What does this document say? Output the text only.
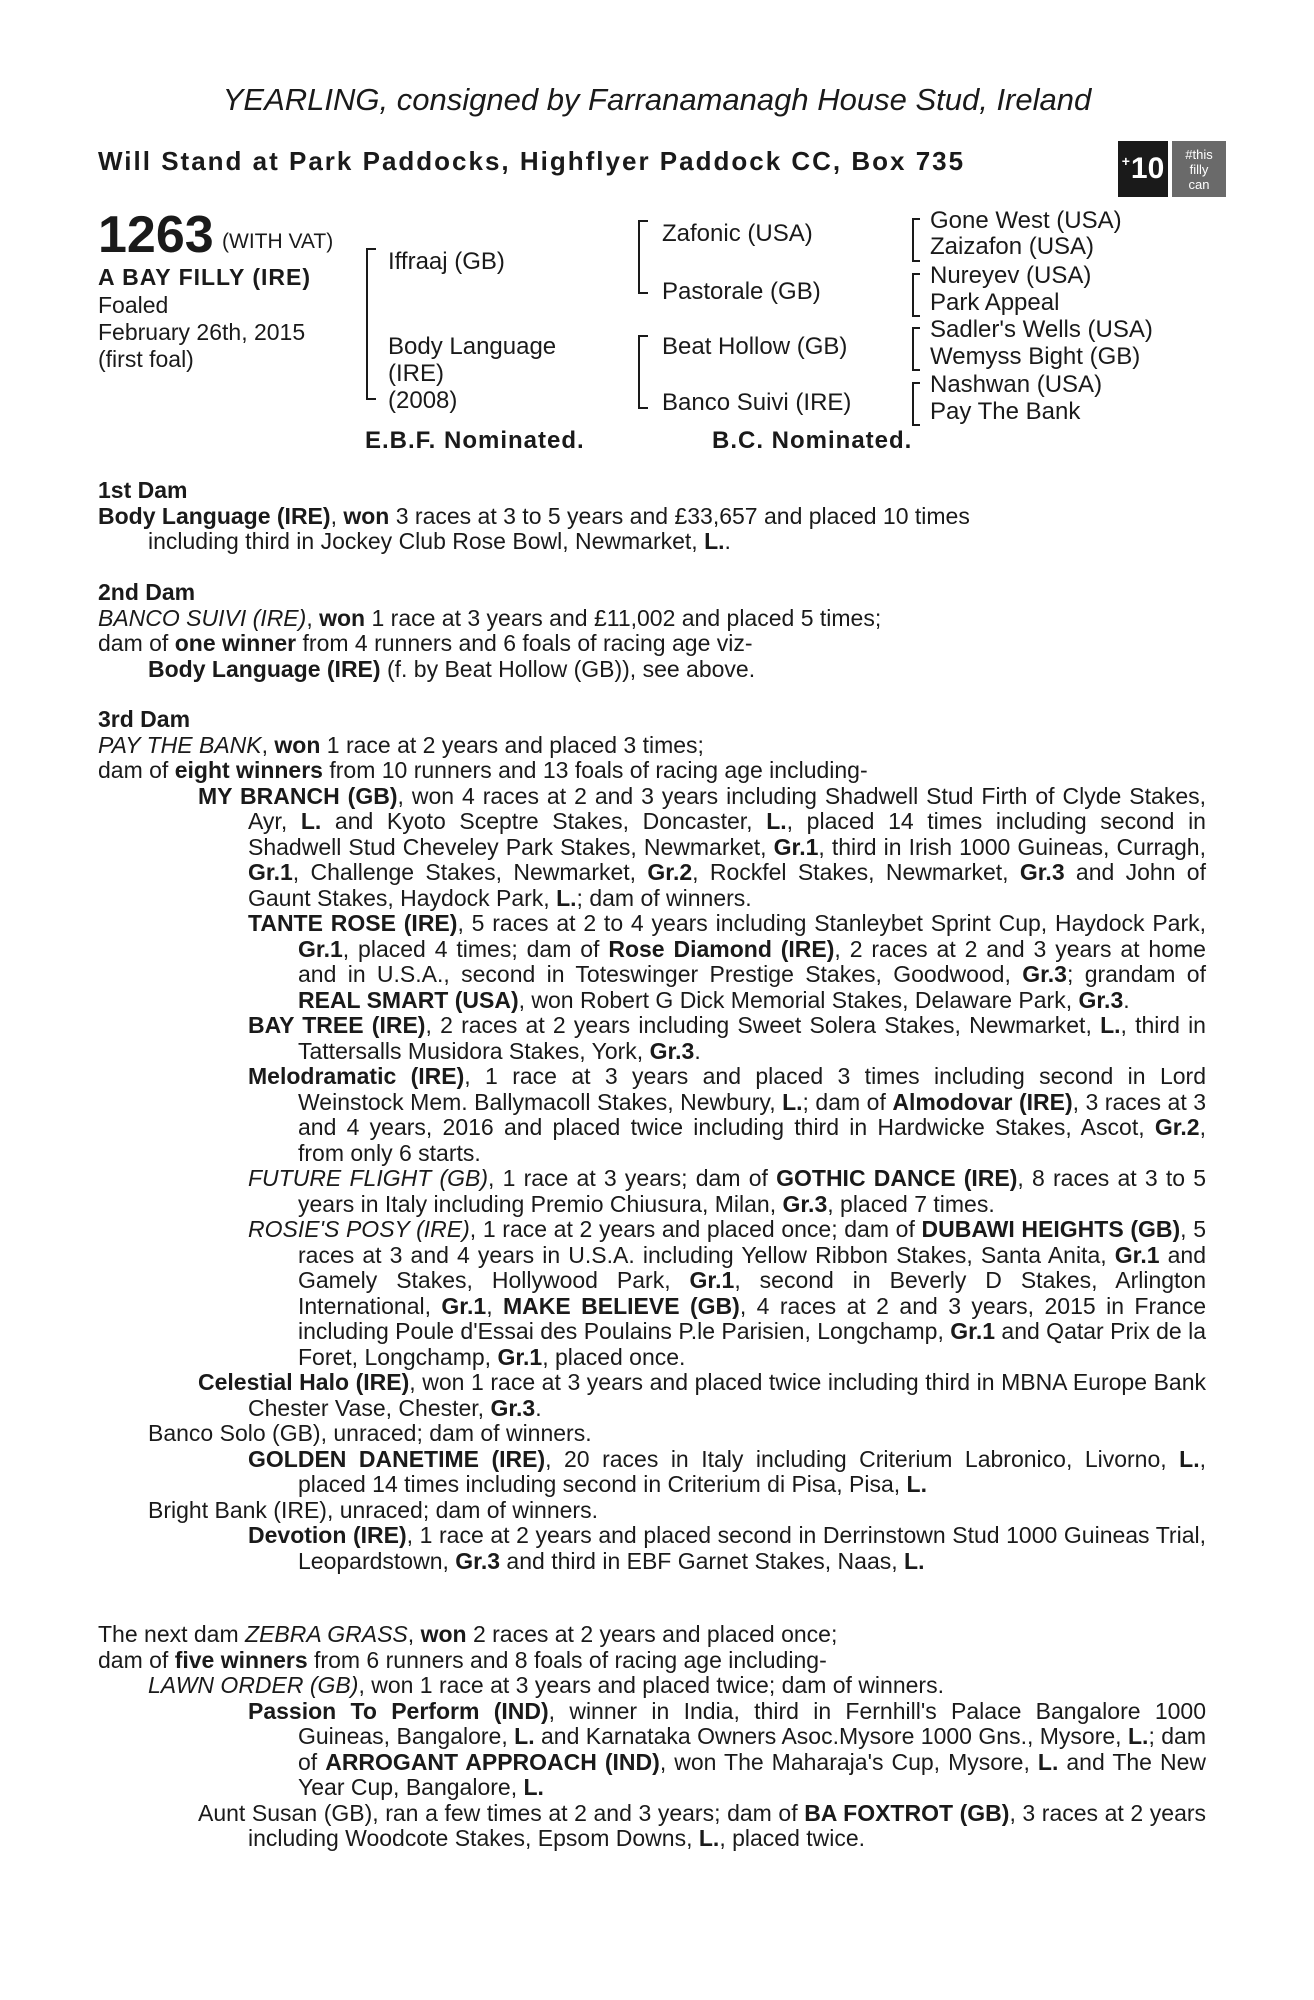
YEARLING, consigned by Farranamanagh House Stud, Ireland
Will Stand at Park Paddocks, Highflyer Paddock CC, Box 735	+ 10 #this
filly
can
1263 (WITH VAT)
A BAY FILLY (IRE)
Foaled
February 26th, 2015
(first foal)
Iffraaj (GB)
Body Language
(IRE)
(2008)
Zafonic (USA)
Pastorale (GB)
Beat Hollow (GB)
Banco Suivi (IRE)
Gone West (USA)
Zaizafon (USA)
Nureyev (USA)
Park Appeal
Sadler's Wells (USA)
Wemyss Bight (GB)
Nashwan (USA)
Pay The Bank
E.B.F. Nominated.	B.C. Nominated.
1st Dam

Body Language (IRE), won 3 races at 3 to 5 years and £33,657 and placed 10 times

including third in Jockey Club Rose Bowl, Newmarket, L..

2nd Dam

BANCO SUIVI (IRE), won 1 race at 3 years and £11,002 and placed 5 times;

dam of one winner from 4 runners and 6 foals of racing age viz-

Body Language (IRE) (f. by Beat Hollow (GB)), see above.

3rd Dam

PAY THE BANK, won 1 race at 2 years and placed 3 times;

dam of eight winners from 10 runners and 13 foals of racing age including-

MY BRANCH (GB), won 4 races at 2 and 3 years including Shadwell Stud Firth of Clyde Stakes, Ayr, L. and Kyoto Sceptre Stakes, Doncaster, L., placed 14 times including second in Shadwell Stud Cheveley Park Stakes, Newmarket, Gr.1, third in Irish 1000 Guineas, Curragh, Gr.1, Challenge Stakes, Newmarket, Gr.2, Rockfel Stakes, Newmarket, Gr.3 and John of Gaunt Stakes, Haydock Park, L.; dam of winners.

TANTE ROSE (IRE), 5 races at 2 to 4 years including Stanleybet Sprint Cup, Haydock Park, Gr.1, placed 4 times; dam of Rose Diamond (IRE), 2 races at 2 and 3 years at home and in U.S.A., second in Toteswinger Prestige Stakes, Goodwood, Gr.3; grandam of REAL SMART (USA), won Robert G Dick Memorial Stakes, Delaware Park, Gr.3.

BAY TREE (IRE), 2 races at 2 years including Sweet Solera Stakes, Newmarket, L., third in Tattersalls Musidora Stakes, York, Gr.3.

Melodramatic (IRE), 1 race at 3 years and placed 3 times including second in Lord Weinstock Mem. Ballymacoll Stakes, Newbury, L.; dam of Almodovar (IRE), 3 races at 3 and 4 years, 2016 and placed twice including third in Hardwicke Stakes, Ascot, Gr.2, from only 6 starts.

FUTURE FLIGHT (GB), 1 race at 3 years; dam of GOTHIC DANCE (IRE), 8 races at 3 to 5 years in Italy including Premio Chiusura, Milan, Gr.3, placed 7 times.

ROSIE'S POSY (IRE), 1 race at 2 years and placed once; dam of DUBAWI HEIGHTS (GB), 5 races at 3 and 4 years in U.S.A. including Yellow Ribbon Stakes, Santa Anita, Gr.1 and Gamely Stakes, Hollywood Park, Gr.1, second in Beverly D Stakes, Arlington International, Gr.1, MAKE BELIEVE (GB), 4 races at 2 and 3 years, 2015 in France including Poule d'Essai des Poulains P.le Parisien, Longchamp, Gr.1 and Qatar Prix de la Foret, Longchamp, Gr.1, placed once.

Celestial Halo (IRE), won 1 race at 3 years and placed twice including third in MBNA Europe Bank Chester Vase, Chester, Gr.3.

Banco Solo (GB), unraced; dam of winners.

GOLDEN DANETIME (IRE), 20 races in Italy including Criterium Labronico, Livorno, L., placed 14 times including second in Criterium di Pisa, Pisa, L.

Bright Bank (IRE), unraced; dam of winners.

Devotion (IRE), 1 race at 2 years and placed second in Derrinstown Stud 1000 Guineas Trial, Leopardstown, Gr.3 and third in EBF Garnet Stakes, Naas, L.

The next dam ZEBRA GRASS, won 2 races at 2 years and placed once;

dam of five winners from 6 runners and 8 foals of racing age including-

LAWN ORDER (GB), won 1 race at 3 years and placed twice; dam of winners.

Passion To Perform (IND), winner in India, third in Fernhill's Palace Bangalore 1000 Guineas, Bangalore, L. and Karnataka Owners Asoc.Mysore 1000 Gns., Mysore, L.; dam of ARROGANT APPROACH (IND), won The Maharaja's Cup, Mysore, L. and The New Year Cup, Bangalore, L.

Aunt Susan (GB), ran a few times at 2 and 3 years; dam of BA FOXTROT (GB), 3 races at 2 years including Woodcote Stakes, Epsom Downs, L., placed twice.
